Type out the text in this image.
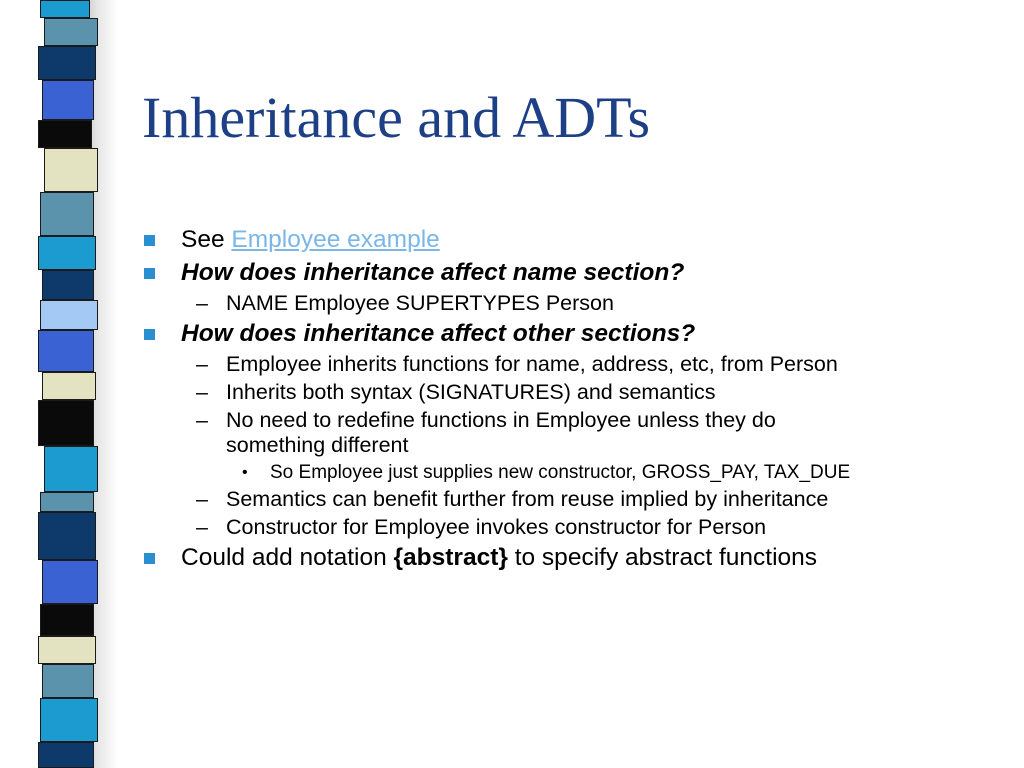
Inheritance and ADTs

See Employee example

How does inheritance affect name section?

– NAME Employee SUPERTYPES Person

How does inheritance affect other sections?

– Employee inherits functions for name, address, etc, from Person

– Inherits both syntax (SIGNATURES) and semantics

– No need to redefine functions in Employee unless they do something different

• So Employee just supplies new constructor, GROSS_PAY, TAX_DUE

– Semantics can benefit further from reuse implied by inheritance

– Constructor for Employee invokes constructor for Person

Could add notation {abstract} to specify abstract functions
